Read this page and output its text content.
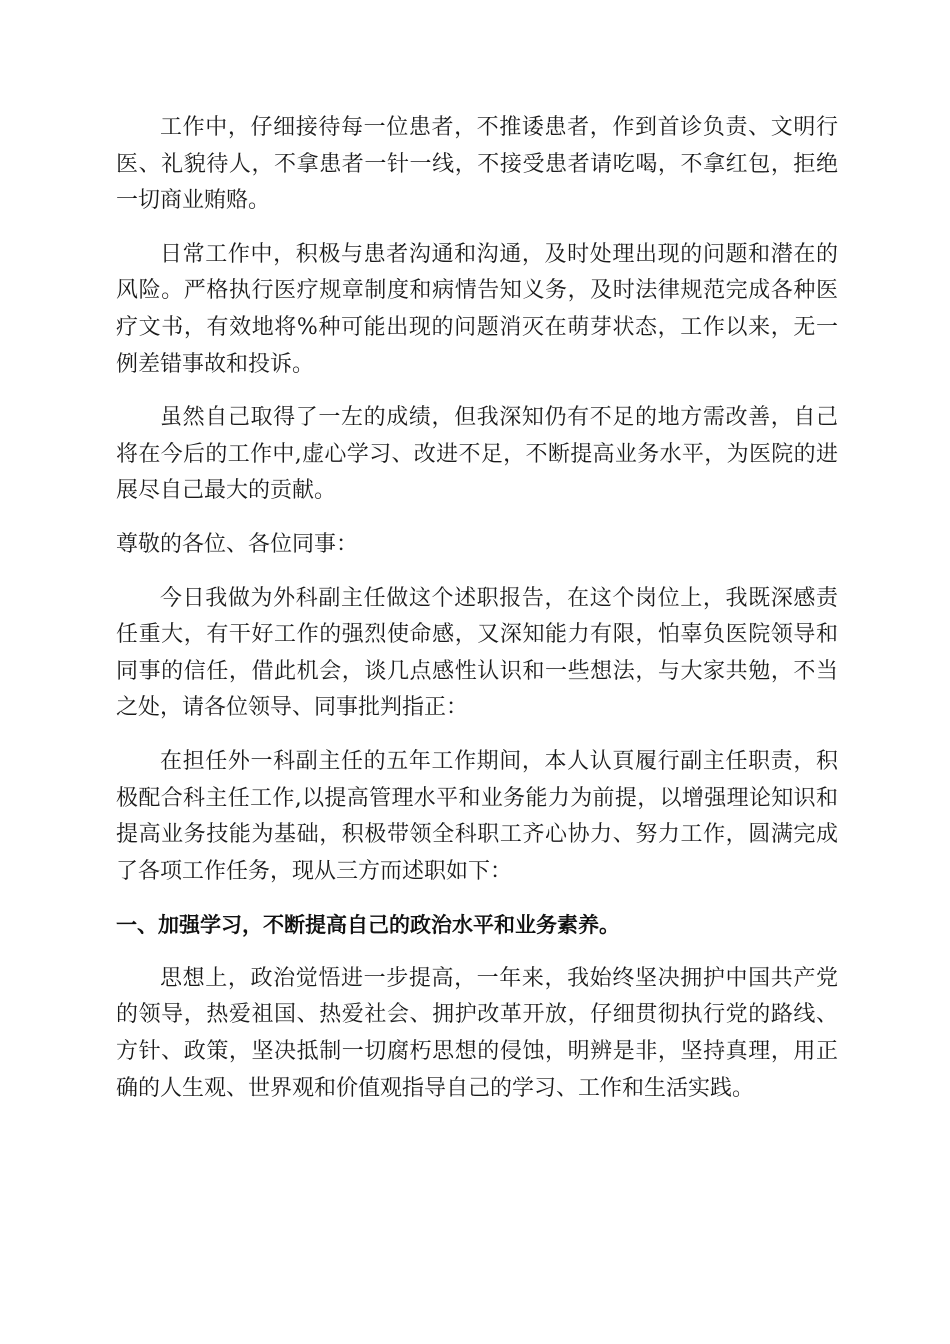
工作中，仔细接待每一位患者，不推诿患者，作到首诊负责、文明行医、礼貌待人，不拿患者一针一线，不接受患者请吃喝，不拿红包，拒绝一切商业贿赂。

日常工作中，积极与患者沟通和沟通，及时处理出现的问题和潜在的风险。严格执行医疗规章制度和病情告知义务，及时法律规范完成各种医疗文书，有效地将%种可能出现的问题消灭在萌芽状态，工作以来，无一例差错事故和投诉。

虽然自己取得了一左的成绩，但我深知仍有不足的地方需改善，自己将在今后的工作中,虚心学习、改进不足，不断提高业务水平，为医院的进展尽自己最大的贡献。

尊敬的各位、各位同事：

今日我做为外科副主任做这个述职报告，在这个岗位上，我既深感责任重大，有干好工作的强烈使命感，又深知能力有限，怕辜负医院领导和同事的信任，借此机会，谈几点感性认识和一些想法，与大家共勉，不当之处，请各位领导、同事批判指正：

在担任外一科副主任的五年工作期间，本人认頁履行副主任职责，积极配合科主任工作,以提高管理水平和业务能力为前提，以增强理论知识和提高业务技能为基础，积极带领全科职工齐心协力、努力工作，圆满完成了各项工作任务，现从三方而述职如下：

一、加强学习，不断提高自己的政治水平和业务素养。

思想上，政治觉悟进一步提高，一年来，我始终坚决拥护中国共产党的领导，热爱祖国、热爱社会、拥护改革开放，仔细贯彻执行党的路线、方针、政策，坚决抵制一切腐朽思想的侵蚀，明辨是非，坚持真理，用正确的人生观、世界观和价值观指导自己的学习、工作和生活实践。
